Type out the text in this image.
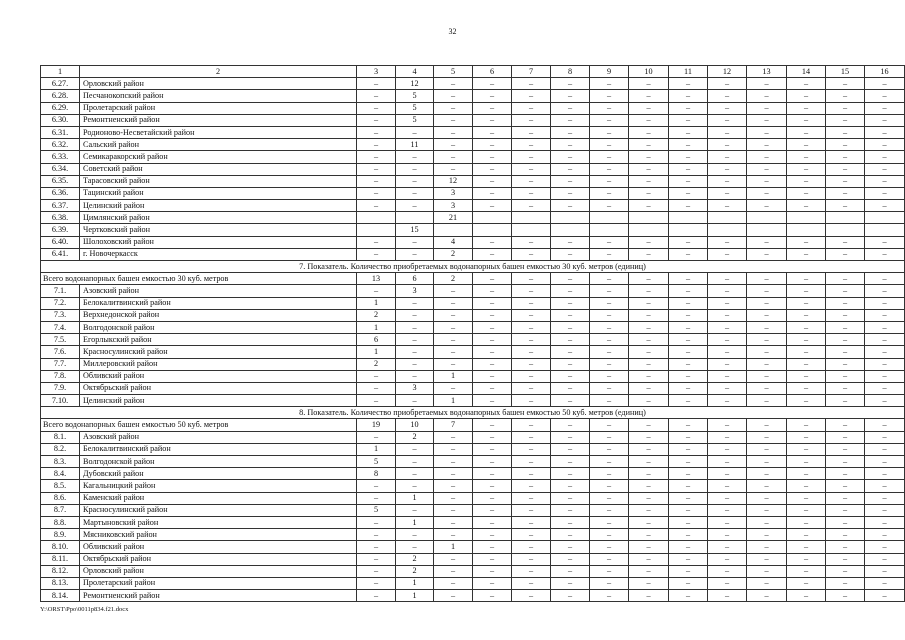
32
1	2	3	4	5	6	7	8	9	10	11	12	13	14	15	16
6.27.	Орловский район	–	12	–	–	–	–	–	–	–	–	–	–	–	–
6.28.	Песчанокопский район	–	5	–	–	–	–	–	–	–	–	–	–	–	–
6.29.	Пролетарский район	–	5	–	–	–	–	–	–	–	–	–	–	–	–
6.30.	Ремонтненский район	–	5	–	–	–	–	–	–	–	–	–	–	–	–
6.31.	Родионово-Несветайский район	–	–	–	–	–	–	–	–	–	–	–	–	–	–
6.32.	Сальский район	–	11	–	–	–	–	–	–	–	–	–	–	–	–
6.33.	Семикаракорский район	–	–	–	–	–	–	–	–	–	–	–	–	–	–
6.34.	Советский район	–	–	–	–	–	–	–	–	–	–	–	–	–	–
6.35.	Тарасовский район	–	–	12	–	–	–	–	–	–	–	–	–	–	–
6.36.	Тацинский район	–	–	3	–	–	–	–	–	–	–	–	–	–	–
6.37.	Целинский район	–	–	3	–	–	–	–	–	–	–	–	–	–	–
6.38.	Цимлянский район			21											
6.39.	Чертковский район		15												
6.40.	Шолоховский район	–	–	4	–	–	–	–	–	–	–	–	–	–	–
6.41.	г. Новочеркасск	–	–	2	–	–	–	–	–	–	–	–	–	–	–
7. Показатель. Количество приобретаемых водонапорных башен емкостью 30 куб. метров (единиц)															
Всего водонапорных башен емкостью 30 куб. метров		13	6	2	–	–	–	–	–	–	–	–	–	–	–
7.1.	Азовский район	–	3	–	–	–	–	–	–	–	–	–	–	–	–
7.2.	Белокалитвинский район	1	–	–	–	–	–	–	–	–	–	–	–	–	–
7.3.	Верхнедонской район	2	–	–	–	–	–	–	–	–	–	–	–	–	–
7.4.	Волгодонской район	1	–	–	–	–	–	–	–	–	–	–	–	–	–
7.5.	Егорлыкский район	6	–	–	–	–	–	–	–	–	–	–	–	–	–
7.6.	Красносулинский район	1	–	–	–	–	–	–	–	–	–	–	–	–	–
7.7.	Миллеровский район	2	–	–	–	–	–	–	–	–	–	–	–	–	–
7.8.	Обливский район	–	–	1	–	–	–	–	–	–	–	–	–	–	–
7.9.	Октябрьский район	–	3	–	–	–	–	–	–	–	–	–	–	–	–
7.10.	Целинский район	–	–	1	–	–	–	–	–	–	–	–	–	–	–
8. Показатель. Количество приобретаемых водонапорных башен емкостью 50 куб. метров (единиц)															
Всего водонапорных башен емкостью 50 куб. метров		19	10	7	–	–	–	–	–	–	–	–	–	–	–
8.1.	Азовский район	–	2	–	–	–	–	–	–	–	–	–	–	–	–
8.2.	Белокалитвинский район	1	–	–	–	–	–	–	–	–	–	–	–	–	–
8.3.	Волгодонской район	5	–	–	–	–	–	–	–	–	–	–	–	–	–
8.4.	Дубовский район	8	–	–	–	–	–	–	–	–	–	–	–	–	–
8.5.	Кагальницкий район	–	–	–	–	–	–	–	–	–	–	–	–	–	–
8.6.	Каменский район	–	1	–	–	–	–	–	–	–	–	–	–	–	–
8.7.	Красносулинский район	5	–	–	–	–	–	–	–	–	–	–	–	–	–
8.8.	Мартыновский район	–	1	–	–	–	–	–	–	–	–	–	–	–	–
8.9.	Мясниковский район	–	–	–	–	–	–	–	–	–	–	–	–	–	–
8.10.	Обливский район	–	–	1	–	–	–	–	–	–	–	–	–	–	–
8.11.	Октябрьский район	–	2	–	–	–	–	–	–	–	–	–	–	–	–
8.12.	Орловский район	–	2	–	–	–	–	–	–	–	–	–	–	–	–
8.13.	Пролетарский район	–	1	–	–	–	–	–	–	–	–	–	–	–	–
8.14.	Ремонтненский район	–	1	–	–	–	–	–	–	–	–	–	–	–	–
Y:\ORST\Ppo\0011p834.f21.docx
